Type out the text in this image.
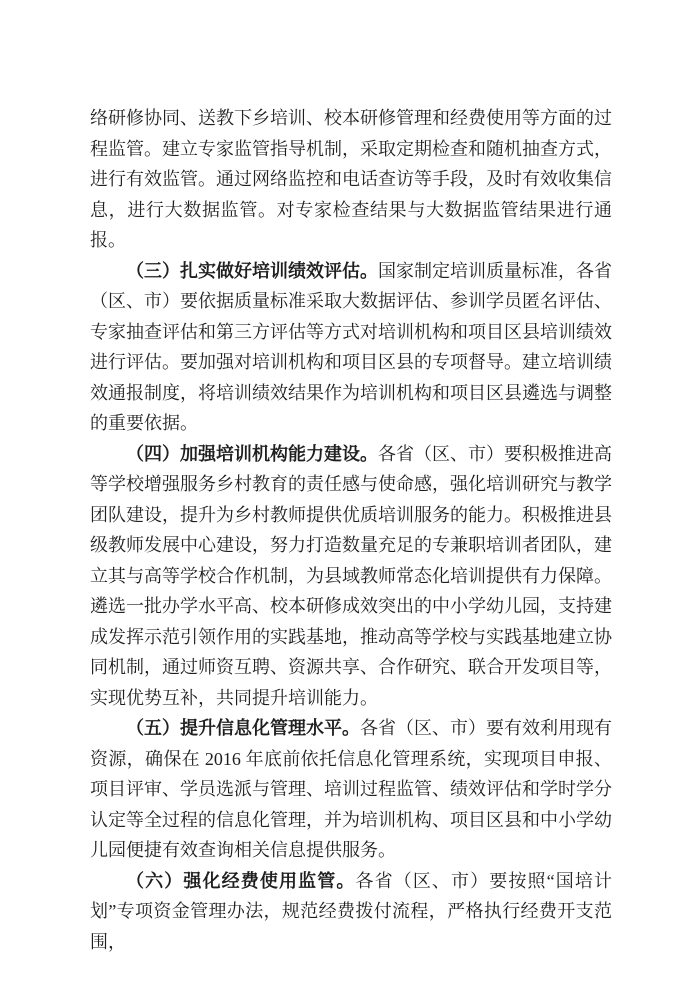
络研修协同、送教下乡培训、校本研修管理和经费使用等方面的过程监管。建立专家监管指导机制，采取定期检查和随机抽查方式，进行有效监管。通过网络监控和电话查访等手段，及时有效收集信息，进行大数据监管。对专家检查结果与大数据监管结果进行通报。

（三）扎实做好培训绩效评估。国家制定培训质量标准，各省（区、市）要依据质量标准采取大数据评估、参训学员匿名评估、专家抽查评估和第三方评估等方式对培训机构和项目区县培训绩效进行评估。要加强对培训机构和项目区县的专项督导。建立培训绩效通报制度，将培训绩效结果作为培训机构和项目区县遴选与调整的重要依据。

（四）加强培训机构能力建设。各省（区、市）要积极推进高等学校增强服务乡村教育的责任感与使命感，强化培训研究与教学团队建设，提升为乡村教师提供优质培训服务的能力。积极推进县级教师发展中心建设，努力打造数量充足的专兼职培训者团队，建立其与高等学校合作机制，为县域教师常态化培训提供有力保障。遴选一批办学水平高、校本研修成效突出的中小学幼儿园，支持建成发挥示范引领作用的实践基地，推动高等学校与实践基地建立协同机制，通过师资互聘、资源共享、合作研究、联合开发项目等，实现优势互补，共同提升培训能力。

（五）提升信息化管理水平。各省（区、市）要有效利用现有资源，确保在 2016 年底前依托信息化管理系统，实现项目申报、项目评审、学员选派与管理、培训过程监管、绩效评估和学时学分认定等全过程的信息化管理，并为培训机构、项目区县和中小学幼儿园便捷有效查询相关信息提供服务。

（六）强化经费使用监管。各省（区、市）要按照“国培计划”专项资金管理办法，规范经费拨付流程，严格执行经费开支范围，
